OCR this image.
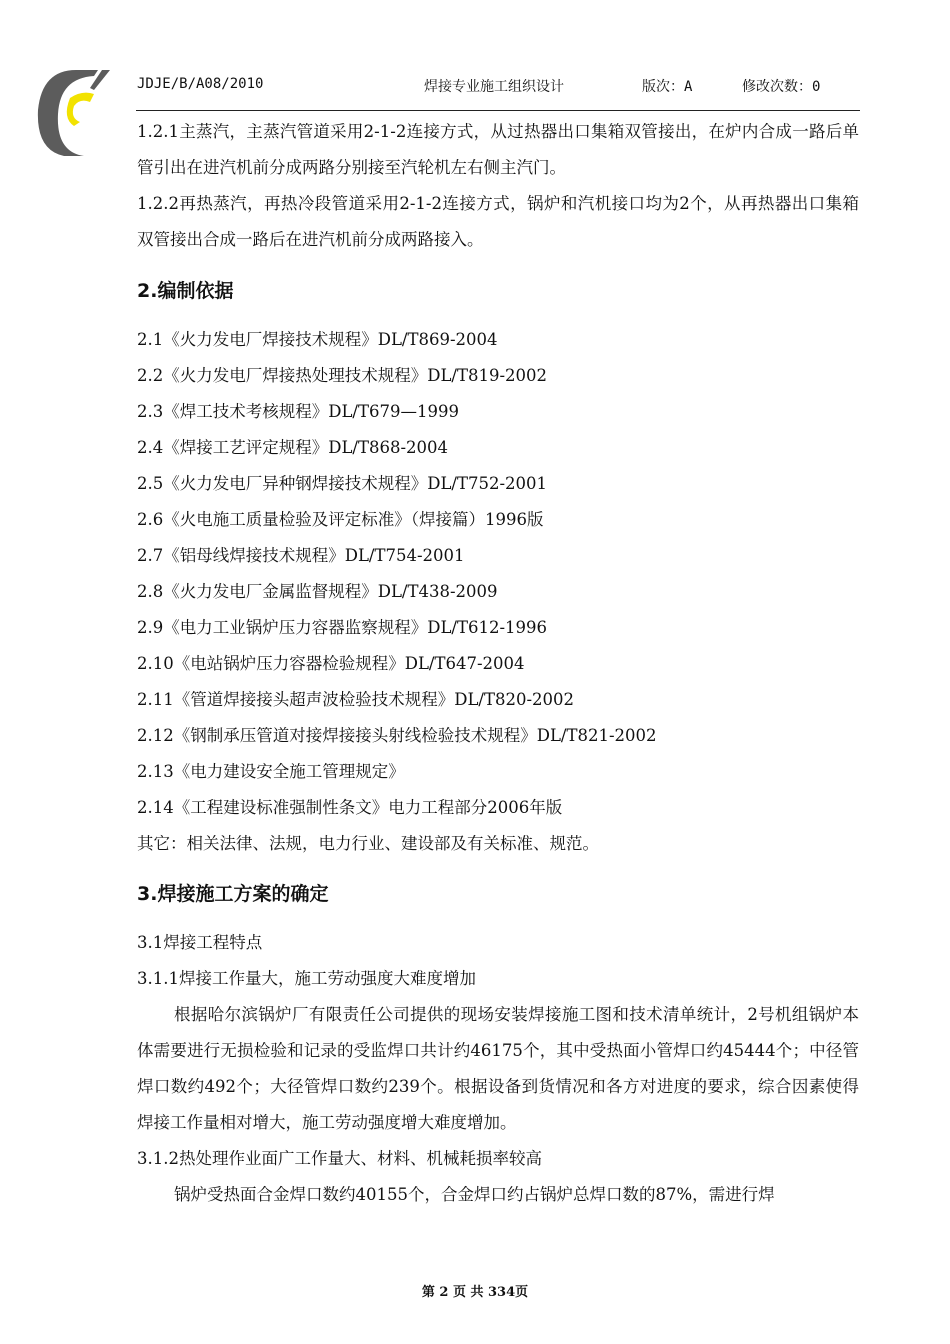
JDJE/B/A08/2010	焊接专业施工组织设计	版次：A	修改次数：0

1.2.1主蒸汽，主蒸汽管道采用2-1-2连接方式，从过热器出口集箱双管接出，在炉内合成一路后单管引出在进汽机前分成两路分别接至汽轮机左右侧主汽门。

1.2.2再热蒸汽，再热冷段管道采用2-1-2连接方式，锅炉和汽机接口均为2个，从再热器出口集箱双管接出合成一路后在进汽机前分成两路接入。

2.编制依据

2.1《火力发电厂焊接技术规程》DL/T869-2004

2.2《火力发电厂焊接热处理技术规程》DL/T819-2002

2.3《焊工技术考核规程》DL/T679—1999

2.4《焊接工艺评定规程》DL/T868-2004

2.5《火力发电厂异种钢焊接技术规程》DL/T752-2001

2.6《火电施工质量检验及评定标准》（焊接篇）1996版

2.7《铝母线焊接技术规程》DL/T754-2001

2.8《火力发电厂金属监督规程》DL/T438-2009

2.9《电力工业锅炉压力容器监察规程》DL/T612-1996

2.10《电站锅炉压力容器检验规程》DL/T647-2004

2.11《管道焊接接头超声波检验技术规程》DL/T820-2002

2.12《钢制承压管道对接焊接接头射线检验技术规程》DL/T821-2002

2.13《电力建设安全施工管理规定》

2.14《工程建设标准强制性条文》电力工程部分2006年版

其它：相关法律、法规，电力行业、建设部及有关标准、规范。

3.焊接施工方案的确定

3.1焊接工程特点

3.1.1焊接工作量大，施工劳动强度大难度增加

根据哈尔滨锅炉厂有限责任公司提供的现场安装焊接施工图和技术清单统计，2号机组锅炉本体需要进行无损检验和记录的受监焊口共计约46175个，其中受热面小管焊口约45444个；中径管焊口数约492个；大径管焊口数约239个。根据设备到货情况和各方对进度的要求，综合因素使得焊接工作量相对增大，施工劳动强度增大难度增加。

3.1.2热处理作业面广工作量大、材料、机械耗损率较高

锅炉受热面合金焊口数约40155个，合金焊口约占锅炉总焊口数的87%，需进行焊

第 2 页 共 334页
